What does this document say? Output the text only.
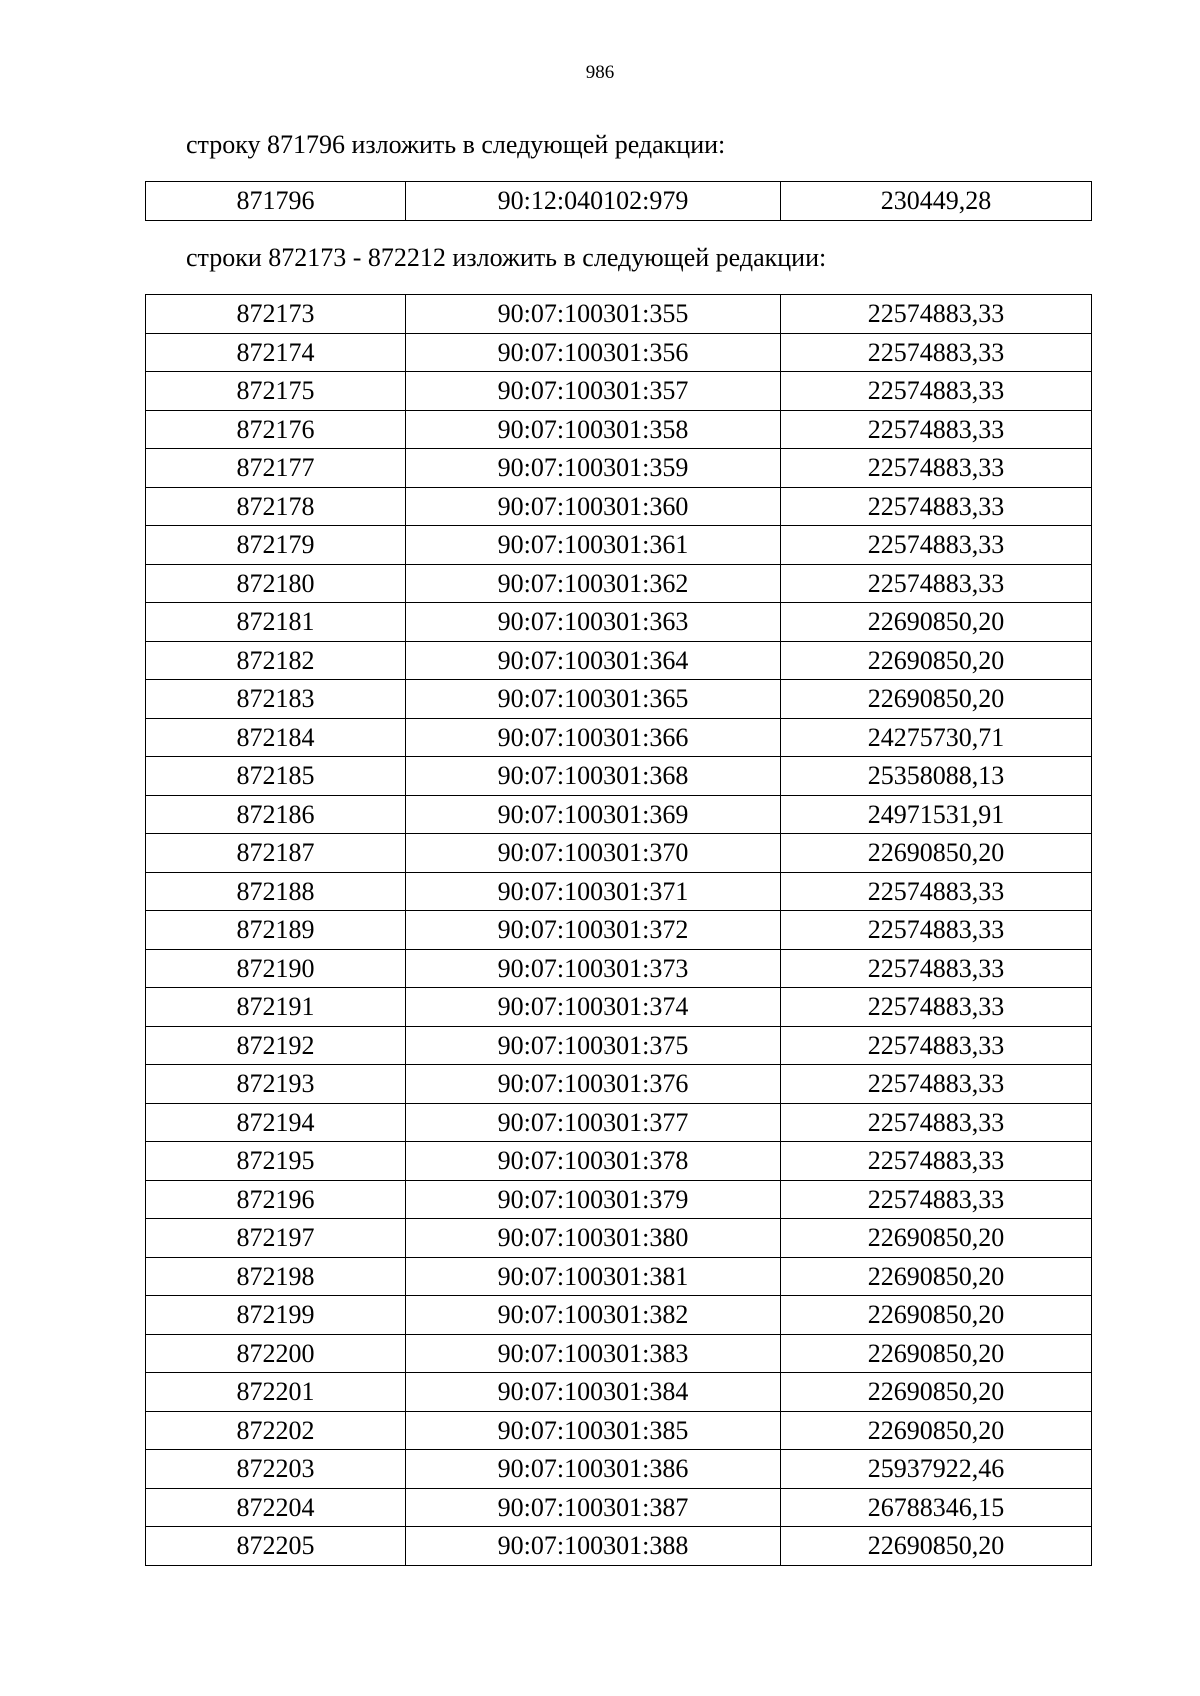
986
строку 871796 изложить в следующей редакции:
871796	90:12:040102:979	230449,28
строки 872173 - 872212 изложить в следующей редакции:
872173	90:07:100301:355	22574883,33
872174	90:07:100301:356	22574883,33
872175	90:07:100301:357	22574883,33
872176	90:07:100301:358	22574883,33
872177	90:07:100301:359	22574883,33
872178	90:07:100301:360	22574883,33
872179	90:07:100301:361	22574883,33
872180	90:07:100301:362	22574883,33
872181	90:07:100301:363	22690850,20
872182	90:07:100301:364	22690850,20
872183	90:07:100301:365	22690850,20
872184	90:07:100301:366	24275730,71
872185	90:07:100301:368	25358088,13
872186	90:07:100301:369	24971531,91
872187	90:07:100301:370	22690850,20
872188	90:07:100301:371	22574883,33
872189	90:07:100301:372	22574883,33
872190	90:07:100301:373	22574883,33
872191	90:07:100301:374	22574883,33
872192	90:07:100301:375	22574883,33
872193	90:07:100301:376	22574883,33
872194	90:07:100301:377	22574883,33
872195	90:07:100301:378	22574883,33
872196	90:07:100301:379	22574883,33
872197	90:07:100301:380	22690850,20
872198	90:07:100301:381	22690850,20
872199	90:07:100301:382	22690850,20
872200	90:07:100301:383	22690850,20
872201	90:07:100301:384	22690850,20
872202	90:07:100301:385	22690850,20
872203	90:07:100301:386	25937922,46
872204	90:07:100301:387	26788346,15
872205	90:07:100301:388	22690850,20
